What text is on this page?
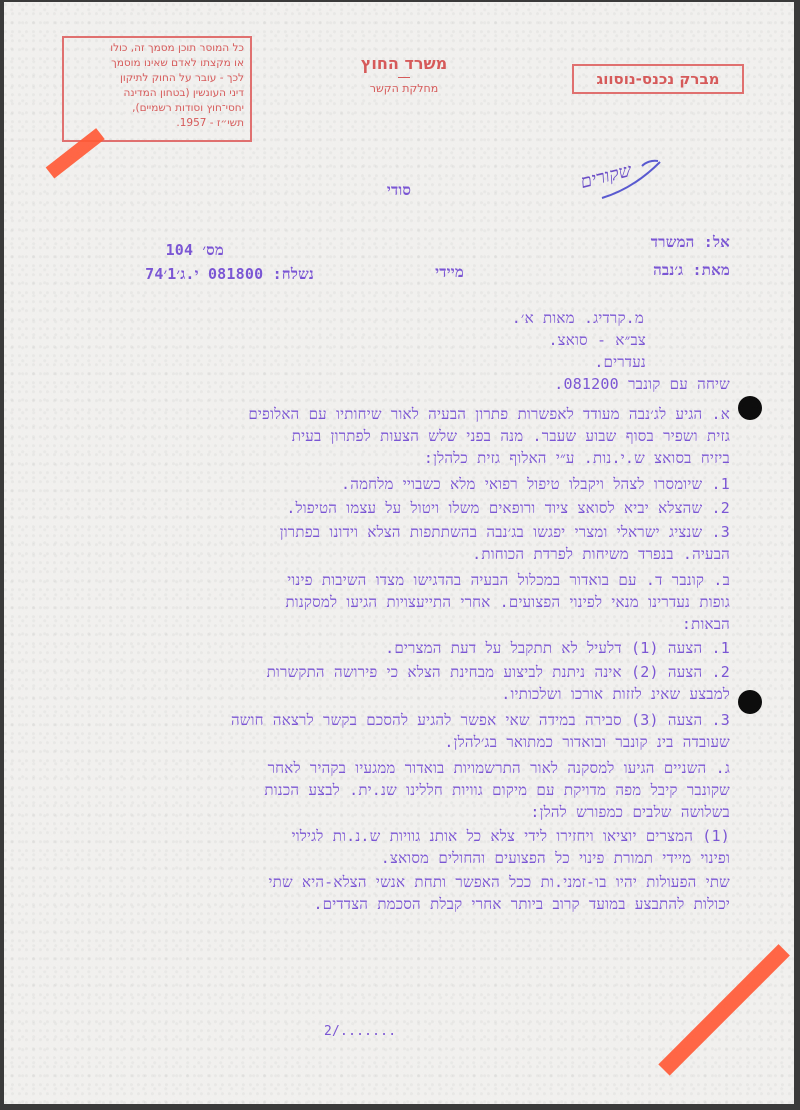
כל המוסר תוכן מסמך זה, כולו
או מקצתו לאדם שאינו מוסמך
לכך - עובר על החוק לתיקון
דיני העונשין (בטחון המדינה
יחסי־חוץ וסודות רשמיים),
תשי״ז - 1957.
משרד החוץ
מחלקת הקשר
מברק נכנס-נוסווג
שקורים
סודי
אל: המשרד
מס׳ 104
מאת: ג׳נבה
מיידי
נשלח: 081800 י.ג׳1׳74
מ.קרדיג. מאות א׳.
צב״א - סואצ.
נעדרים.
שיחה עם קונבר 081200.
א. הגיע לג׳נבה מעודד לאפשרות פתרון הבעיה לאור שיחותיו עם האלופים
גזית ושפיר בסוף שבוע שעבר. מנה בפני שלש הצעות לפתרון בעית
ביזיח בסואצ ש.י.נות. ע״י האלוף גזית כלהלן:
1. שיומסרו לצהל ויקבלו טיפול רפואי מלא כשבויי מלחמה.
2. שהצלא יביא לסואצ ציוד ורופאים משלו ויטול על עצמו הטיפול.
3. שנציג ישראלי ומצרי יפגשו בג׳נבה בהשתתפות הצלא וידונו בפתרון
הבעיה. בנפרד משיחות לפרדת הכוחות.
ב. קונבר ד. עם בואדור במכלול הבעיה בהדגישו מצדו השיבות פינוי
גופות נעדרינו מנאי לפינוי הפצועים. אחרי התייעצויות הגיעו למסקנות
הבאות:
1. הצעה (1) דלעיל לא תתקבל על דעת המצרים.
2. הצעה (2) אינה ניתנת לביצוע מבחינת הצלא כי פירושה התקשרות
למבצע שאינ לזזות אורכו ושלכותיו.
3. הצעה (3) סבירה במידה שאי אפשר להגיע להסכם בקשר לרצאה חושה
שעובדה בינ קונבר ובואדור כמתואר בג׳להלן.
ג. השניים הגיעו למסקנה לאור התרשמויות בואדור ממגעיו בקהיר לאחר
שקונבר קיבל מפה מדויקת עם מיקום גוויות חללינו שנ.ית. לבצע הכנות
בשלושה שלבים כמפורש להלן:
(1) המצרים יוציאו ויחזירו לידי צלא כל אותנ גוויות ש.נ.ות לגילוי
ופינוי מיידי תמורת פינוי כל הפצועים והחולים מסואצ.
שתי הפעולות יהיו בו-זמני.ות ככל האפשר ותחת אנשי הצלא-היא שתי
יכולות להתבצע במועד קרוב ביותר אחרי קבלת הסכמת הצדדים.
2/.......
